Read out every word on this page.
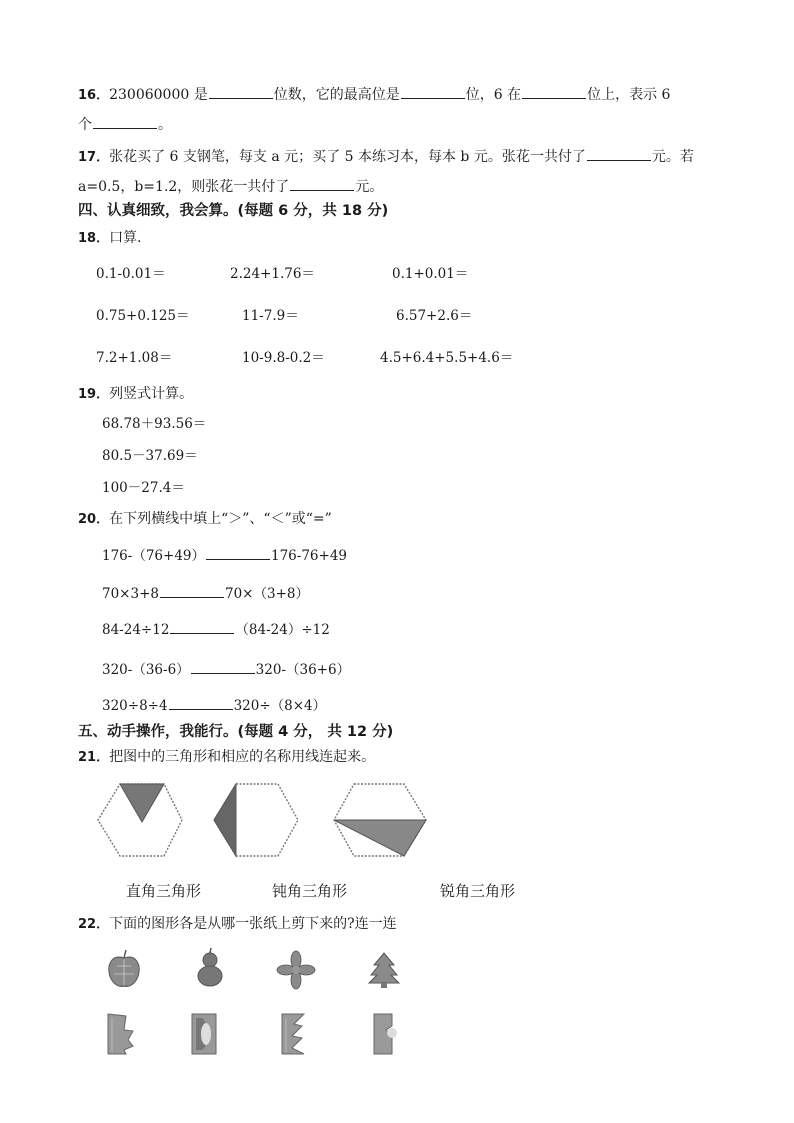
16．230060000 是	位数，它的最高位是	位，6 在	位上，表示 6
个	。
17．张花买了 6 支钢笔，每支 a 元；买了 5 本练习本，每本 b 元。张花一共付了	元。若
a=0.5，b=1.2，则张花一共付了	元。
四、认真细致，我会算。(每题 6 分，共 18 分)
18．口算．
0.1-0.01＝	2.24+1.76＝	0.1+0.01＝
0.75+0.125＝	11-7.9＝	6.57+2.6＝
7.2+1.08＝	10-9.8-0.2＝	4.5+6.4+5.5+4.6＝
19．列竖式计算。
68.78＋93.56＝
80.5－37.69＝
100－27.4＝
20．在下列横线中填上“＞”、“＜”或“=”
176-（76+49）	176-76+49
70×3+8	70×（3+8）
84-24÷12	（84-24）÷12
320-（36-6）	320-（36+6）
320÷8÷4	320÷（8×4）
五、动手操作，我能行。(每题 4 分， 共 12 分)
21．把图中的三角形和相应的名称用线连起来。
直角三角形	钝角三角形	锐角三角形
22．下面的图形各是从哪一张纸上剪下来的?连一连
